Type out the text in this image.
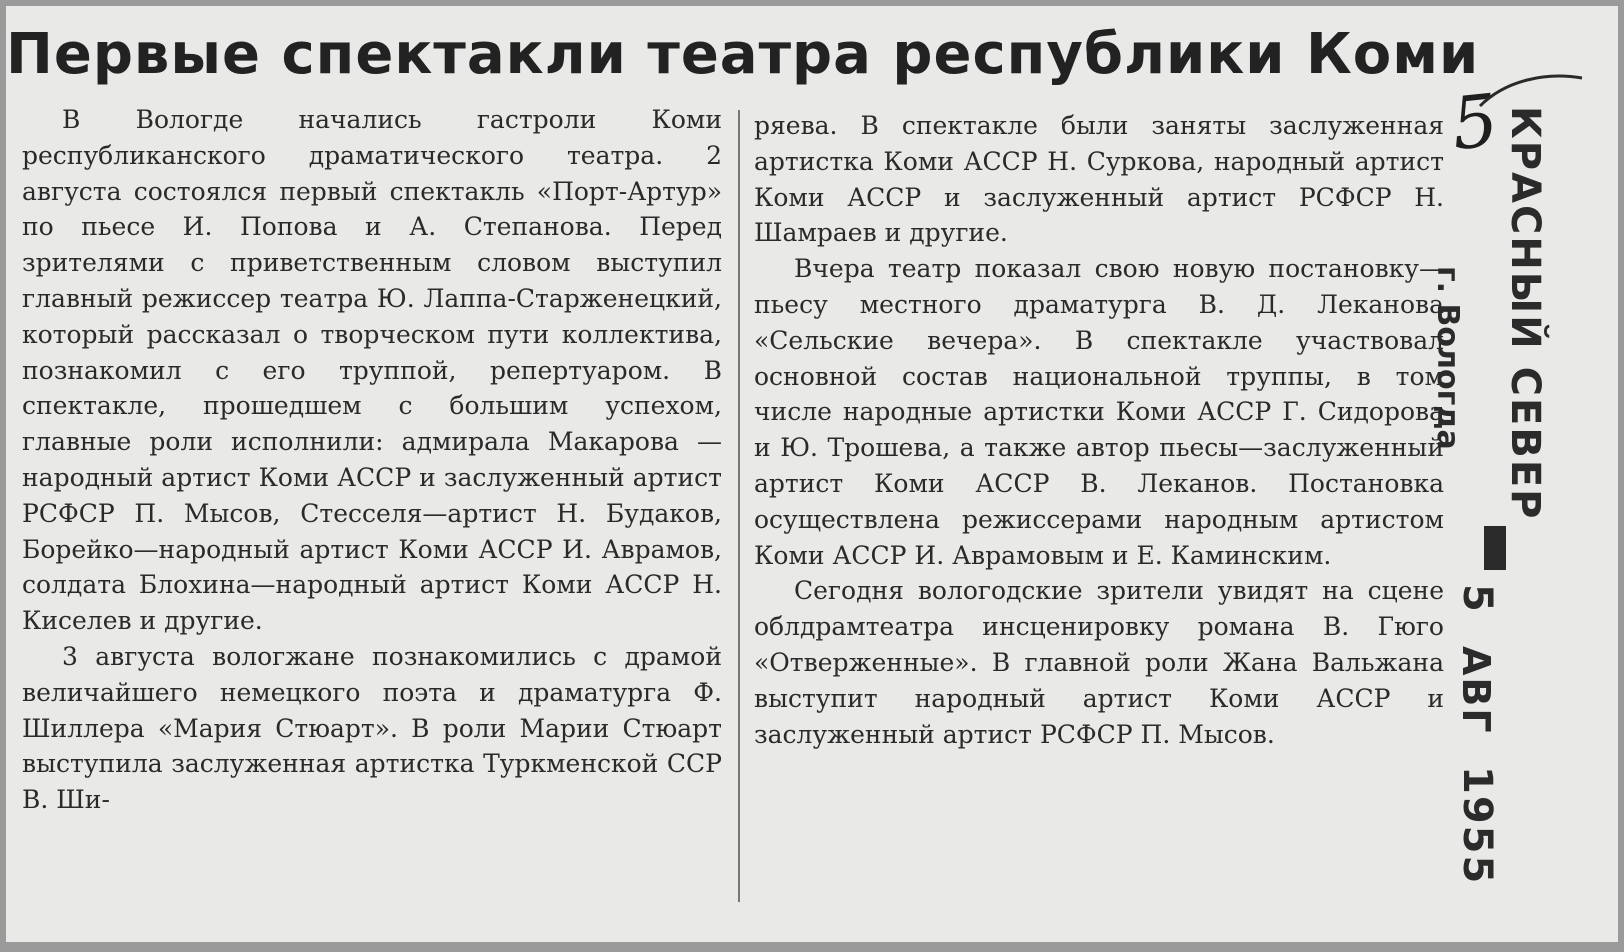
Первые спектакли театра республики Коми

В Вологде начались гастроли Коми республиканского драматического театра. 2 августа состоялся первый спектакль «Порт-Артур» по пьесе И. Попова и А. Степанова. Перед зрителями с приветственным словом выступил главный режиссер театра Ю. Лаппа-Старженецкий, который рассказал о творческом пути коллектива, познакомил с его труппой, репертуаром. В спектакле, прошедшем с большим успехом, главные роли исполнили: адмирала Макарова — народный артист Коми АССР и заслуженный артист РСФСР П. Мысов, Стесселя—артист Н. Будаков, Борейко—народный артист Коми АССР И. Аврамов, солдата Блохина—народный артист Коми АССР Н. Киселев и другие.

3 августа вологжане познакомились с драмой величайшего немецкого поэта и драматурга Ф. Шиллера «Мария Стюарт». В роли Марии Стюарт выступила заслуженная артистка Туркменской ССР В. Ши-

ряева. В спектакле были заняты заслуженная артистка Коми АССР Н. Суркова, народный артист Коми АССР и заслуженный артист РСФСР Н. Шамраев и другие.

Вчера театр показал свою новую постановку—пьесу местного драматурга В. Д. Леканова «Сельские вечера». В спектакле участвовал основной состав национальной труппы, в том числе народные артистки Коми АССР Г. Сидорова и Ю. Трошева, а также автор пьесы—заслуженный артист Коми АССР В. Леканов. Постановка осуществлена режиссерами народным артистом Коми АССР И. Аврамовым и Е. Каминским.

Сегодня вологодские зрители увидят на сцене облдрамтеатра инсценировку романа В. Гюго «Отверженные». В главной роли Жана Вальжана выступит народный артист Коми АССР и заслуженный артист РСФСР П. Мысов.

5 КРАСНЫЙ СЕВЕР
г. Вологда
5
АВГ
1955
